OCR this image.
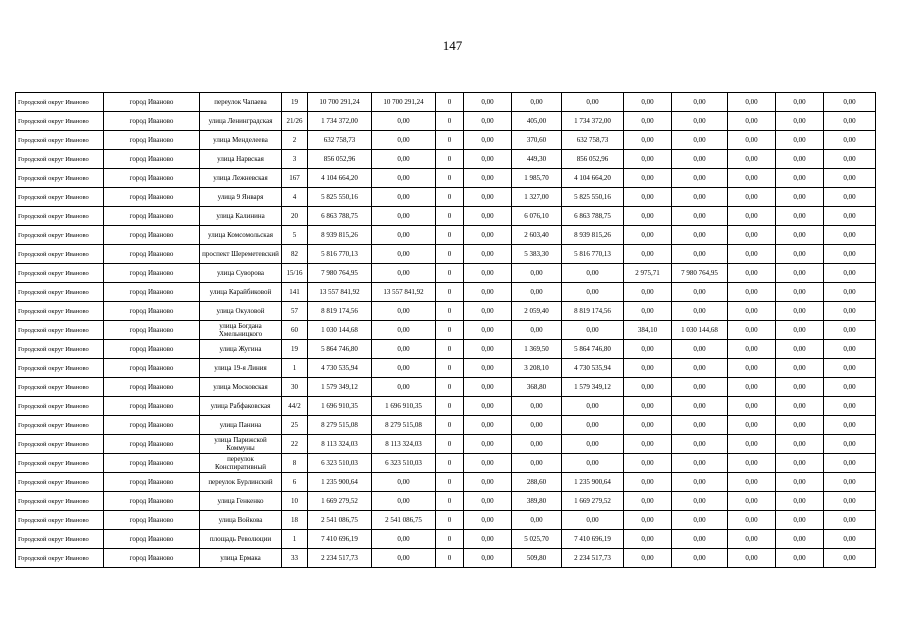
147
Городской округ Иваново	город Иваново	переулок Чапаева	19	10 700 291,24	10 700 291,24	0	0,00	0,00	0,00	0,00	0,00	0,00	0,00	0,00
Городской округ Иваново	город Иваново	улица Ленинградская	21/26	1 734 372,00	0,00	0	0,00	405,00	1 734 372,00	0,00	0,00	0,00	0,00	0,00
Городской округ Иваново	город Иваново	улица Менделеева	2	632 758,73	0,00	0	0,00	370,60	632 758,73	0,00	0,00	0,00	0,00	0,00
Городской округ Иваново	город Иваново	улица Нарвская	3	856 052,96	0,00	0	0,00	449,30	856 052,96	0,00	0,00	0,00	0,00	0,00
Городской округ Иваново	город Иваново	улица Лежневская	167	4 104 664,20	0,00	0	0,00	1 985,70	4 104 664,20	0,00	0,00	0,00	0,00	0,00
Городской округ Иваново	город Иваново	улица 9 Января	4	5 825 550,16	0,00	0	0,00	1 327,00	5 825 550,16	0,00	0,00	0,00	0,00	0,00
Городской округ Иваново	город Иваново	улица Калинина	20	6 863 788,75	0,00	0	0,00	6 076,10	6 863 788,75	0,00	0,00	0,00	0,00	0,00
Городской округ Иваново	город Иваново	улица Комсомольская	5	8 939 815,26	0,00	0	0,00	2 603,40	8 939 815,26	0,00	0,00	0,00	0,00	0,00
Городской округ Иваново	город Иваново	проспект Шереметевский	82	5 816 770,13	0,00	0	0,00	5 383,30	5 816 770,13	0,00	0,00	0,00	0,00	0,00
Городской округ Иваново	город Иваново	улица Суворова	15/16	7 980 764,95	0,00	0	0,00	0,00	0,00	2 975,71	7 980 764,95	0,00	0,00	0,00
Городской округ Иваново	город Иваново	улица Карайбиковой	141	13 557 841,92	13 557 841,92	0	0,00	0,00	0,00	0,00	0,00	0,00	0,00	0,00
Городской округ Иваново	город Иваново	улица Окуловой	57	8 819 174,56	0,00	0	0,00	2 059,40	8 819 174,56	0,00	0,00	0,00	0,00	0,00
Городской округ Иваново	город Иваново	улица Богдана Хмельницкого	60	1 030 144,68	0,00	0	0,00	0,00	0,00	384,10	1 030 144,68	0,00	0,00	0,00
Городской округ Иваново	город Иваново	улица Жугина	19	5 864 746,80	0,00	0	0,00	1 369,50	5 864 746,80	0,00	0,00	0,00	0,00	0,00
Городской округ Иваново	город Иваново	улица 19-я Линия	1	4 730 535,94	0,00	0	0,00	3 208,10	4 730 535,94	0,00	0,00	0,00	0,00	0,00
Городской округ Иваново	город Иваново	улица Московская	30	1 579 349,12	0,00	0	0,00	368,80	1 579 349,12	0,00	0,00	0,00	0,00	0,00
Городской округ Иваново	город Иваново	улица Рабфаковская	44/2	1 696 910,35	1 696 910,35	0	0,00	0,00	0,00	0,00	0,00	0,00	0,00	0,00
Городской округ Иваново	город Иваново	улица Панина	25	8 279 515,08	8 279 515,08	0	0,00	0,00	0,00	0,00	0,00	0,00	0,00	0,00
Городской округ Иваново	город Иваново	улица Парижской Коммуны	22	8 113 324,03	8 113 324,03	0	0,00	0,00	0,00	0,00	0,00	0,00	0,00	0,00
Городской округ Иваново	город Иваново	переулок Конспиративный	8	6 323 510,03	6 323 510,03	0	0,00	0,00	0,00	0,00	0,00	0,00	0,00	0,00
Городской округ Иваново	город Иваново	переулок Бурлинский	6	1 235 900,64	0,00	0	0,00	288,60	1 235 900,64	0,00	0,00	0,00	0,00	0,00
Городской округ Иваново	город Иваново	улица Генкенко	10	1 669 279,52	0,00	0	0,00	389,80	1 669 279,52	0,00	0,00	0,00	0,00	0,00
Городской округ Иваново	город Иваново	улица Войкова	18	2 541 086,75	2 541 086,75	0	0,00	0,00	0,00	0,00	0,00	0,00	0,00	0,00
Городской округ Иваново	город Иваново	площадь Революции	1	7 410 696,19	0,00	0	0,00	5 025,70	7 410 696,19	0,00	0,00	0,00	0,00	0,00
Городской округ Иваново	город Иваново	улица Ермака	33	2 234 517,73	0,00	0	0,00	509,80	2 234 517,73	0,00	0,00	0,00	0,00	0,00
